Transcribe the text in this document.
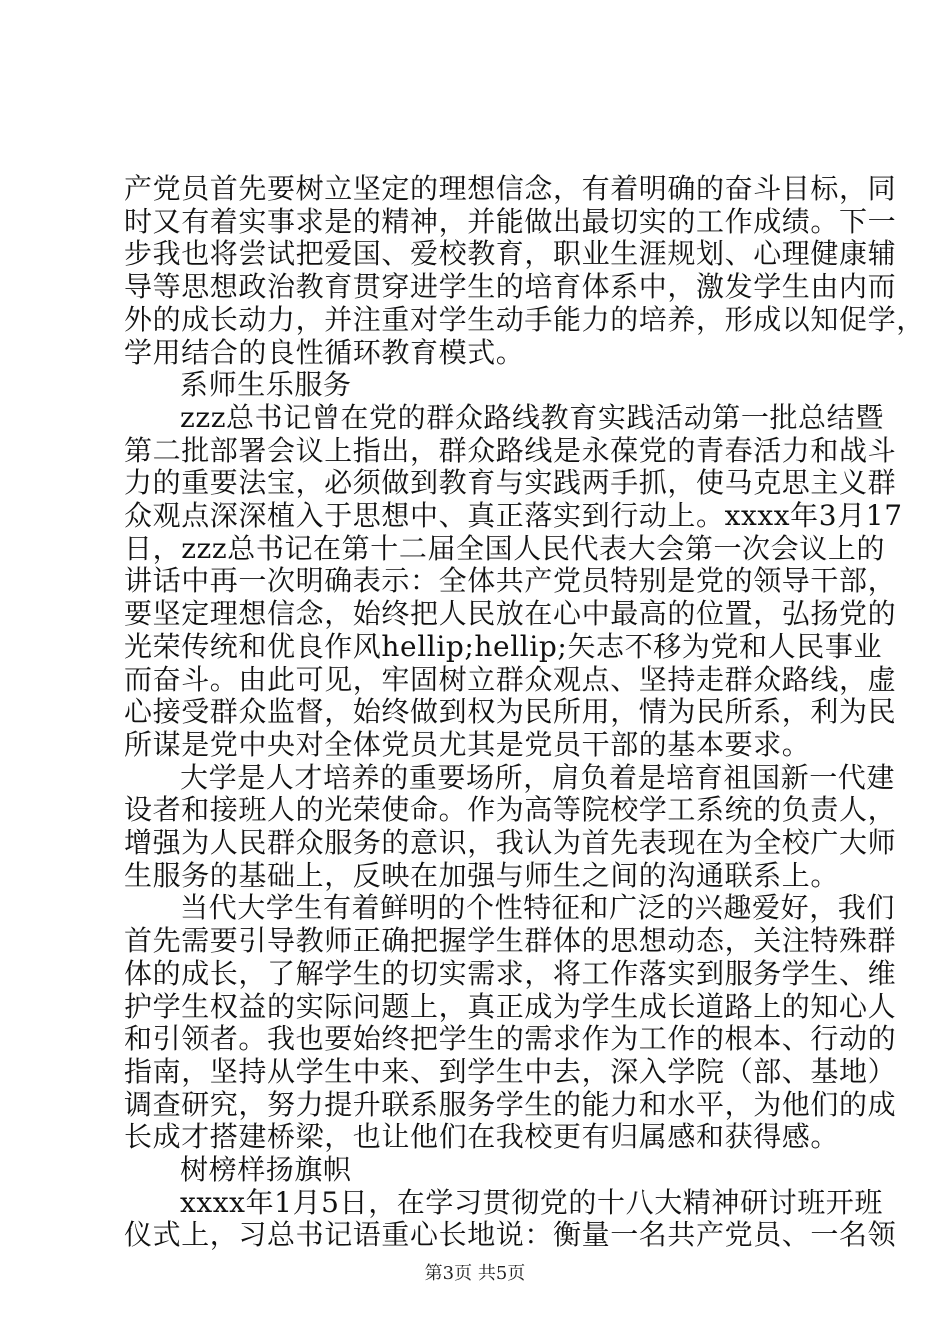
产党员首先要树立坚定的理想信念，有着明确的奋斗目标，同
时又有着实事求是的精神，并能做出最切实的工作成绩。下一
步我也将尝试把爱国、爱校教育，职业生涯规划、心理健康辅
导等思想政治教育贯穿进学生的培育体系中，激发学生由内而
外的成长动力，并注重对学生动手能力的培养，形成以知促学，
学用结合的良性循环教育模式。
系师生乐服务
zzz总书记曾在党的群众路线教育实践活动第一批总结暨
第二批部署会议上指出，群众路线是永葆党的青春活力和战斗
力的重要法宝，必须做到教育与实践两手抓，使马克思主义群
众观点深深植入于思想中、真正落实到行动上。xxxx年3月17
日，zzz总书记在第十二届全国人民代表大会第一次会议上的
讲话中再一次明确表示：全体共产党员特别是党的领导干部，
要坚定理想信念，始终把人民放在心中最高的位置，弘扬党的
光荣传统和优良作风hellip;hellip;矢志不移为党和人民事业
而奋斗。由此可见，牢固树立群众观点、坚持走群众路线，虚
心接受群众监督，始终做到权为民所用，情为民所系，利为民
所谋是党中央对全体党员尤其是党员干部的基本要求。
大学是人才培养的重要场所，肩负着是培育祖国新一代建
设者和接班人的光荣使命。作为高等院校学工系统的负责人，
增强为人民群众服务的意识，我认为首先表现在为全校广大师
生服务的基础上，反映在加强与师生之间的沟通联系上。
当代大学生有着鲜明的个性特征和广泛的兴趣爱好，我们
首先需要引导教师正确把握学生群体的思想动态，关注特殊群
体的成长，了解学生的切实需求，将工作落实到服务学生、维
护学生权益的实际问题上，真正成为学生成长道路上的知心人
和引领者。我也要始终把学生的需求作为工作的根本、行动的
指南，坚持从学生中来、到学生中去，深入学院（部、基地）
调查研究，努力提升联系服务学生的能力和水平，为他们的成
长成才搭建桥梁，也让他们在我校更有归属感和获得感。
树榜样扬旗帜
xxxx年1月5日，在学习贯彻党的十八大精神研讨班开班
仪式上，习总书记语重心长地说：衡量一名共产党员、一名领
第3页 共5页
